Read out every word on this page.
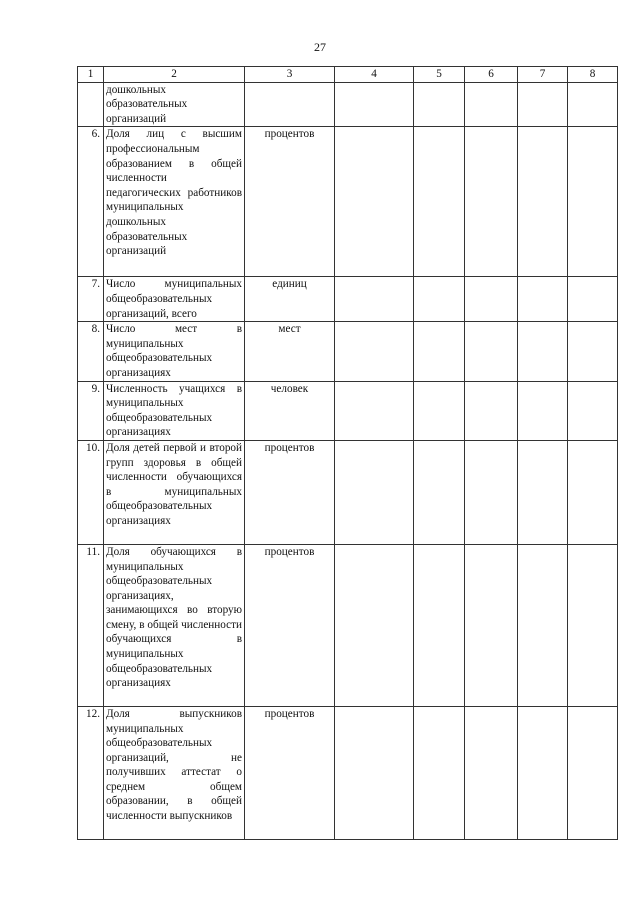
27
1	2	3	4	5	6	7	8
	дошкольных образовательных организаций						
6.	Доля лиц с высшим профессиональным образованием в общей численности педагогических работников муниципальных дошкольных образовательных организаций	процентов					
7.	Число муниципальных общеобразовательных организаций, всего	единиц					
8.	Число мест в муниципальных общеобразовательных организациях	мест					
9.	Численность учащихся в муниципальных общеобразовательных организациях	человек					
10.	Доля детей первой и второй групп здоровья в общей численности обучающихся в муниципальных общеобразовательных организациях	процентов					
11.	Доля обучающихся в муниципальных общеобразовательных организациях, занимающихся во вторую смену, в общей численности обучающихся в муниципальных общеобразовательных организациях	процентов					
12.	Доля выпускников муниципальных общеобразовательных организаций, не получивших аттестат о среднем общем образовании, в общей численности выпускников	процентов					
